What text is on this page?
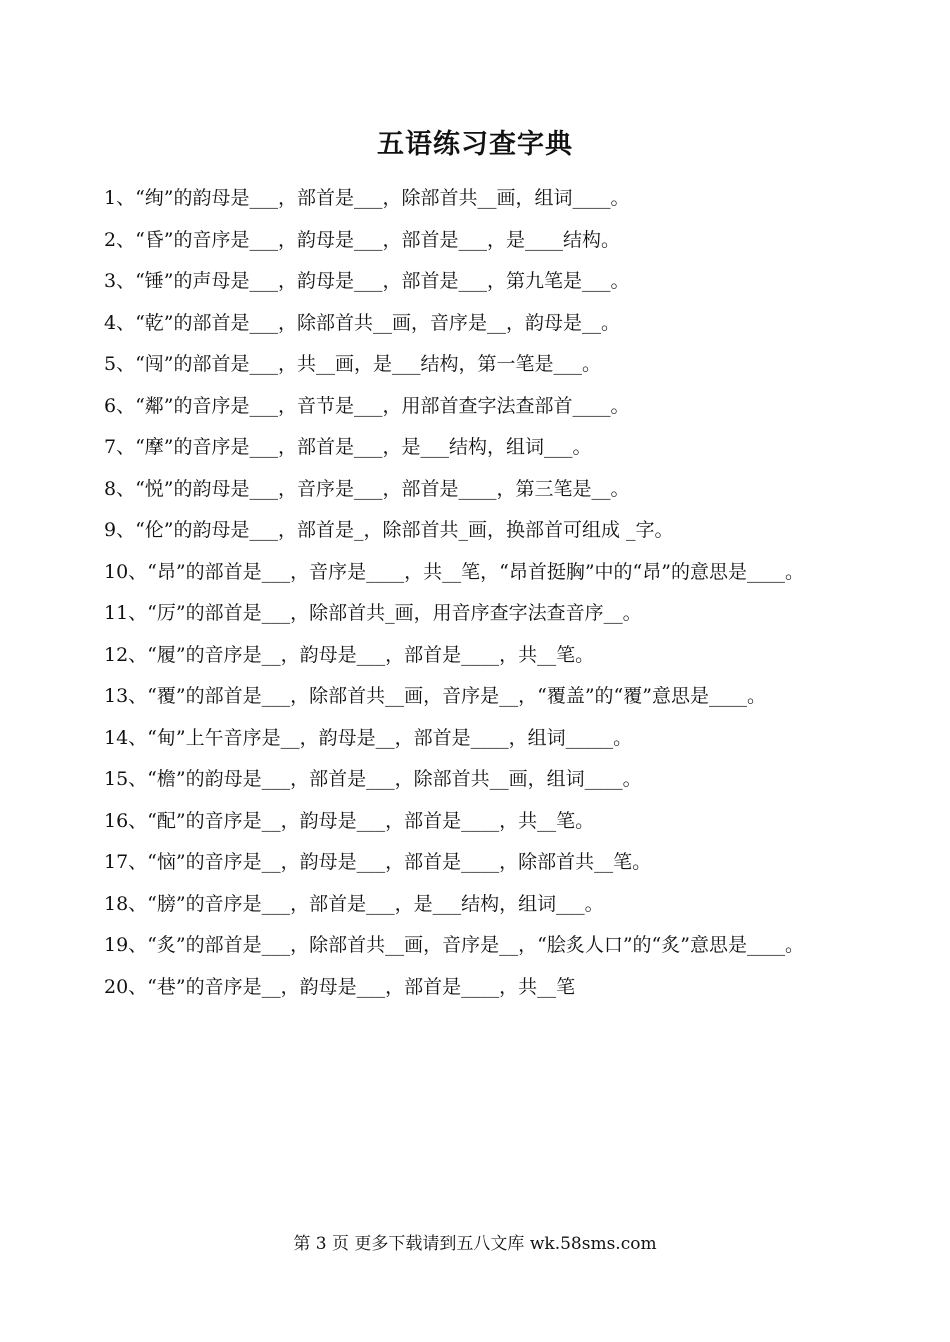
五语练习查字典
1、“绚”的韵母是___，部首是___，除部首共__画，组词____。
2、“昏”的音序是___，韵母是___，部首是___，是____结构。
3、“锤”的声母是___，韵母是___，部首是___，第九笔是___。
4、“乾”的部首是___，除部首共__画，音序是__，韵母是__。
5、“闯”的部首是___，共__画，是___结构，第一笔是___。
6、“鄰”的音序是___，音节是___，用部首查字法查部首____。
7、“摩”的音序是___，部首是___，是___结构，组词___。
8、“悦”的韵母是___，音序是___，部首是____，第三笔是__。
9、“伦”的韵母是___，部首是_，除部首共_画，换部首可组成 _字。
10、“昂”的部首是___，音序是____，共__笔，“昂首挺胸”中的“昂”的意思是____。
11、“厉”的部首是___，除部首共_画，用音序查字法查音序__。
12、“履”的音序是__，韵母是___，部首是____，共__笔。
13、“覆”的部首是___，除部首共__画，音序是__，“覆盖”的“覆”意思是____。
14、“甸”上午音序是__，韵母是__，部首是____，组词_____。
15、“檐”的韵母是___，部首是___，除部首共__画，组词____。
16、“配”的音序是__，韵母是___，部首是____，共__笔。
17、“恼”的音序是__，韵母是___，部首是____，除部首共__笔。
18、“膀”的音序是___，部首是___，是___结构，组词___。
19、“炙”的部首是___，除部首共__画，音序是__，“脍炙人口”的“炙”意思是____。
20、“巷”的音序是__，韵母是___，部首是____，共__笔
第 3 页 更多下载请到五八文库 wk.58sms.com
